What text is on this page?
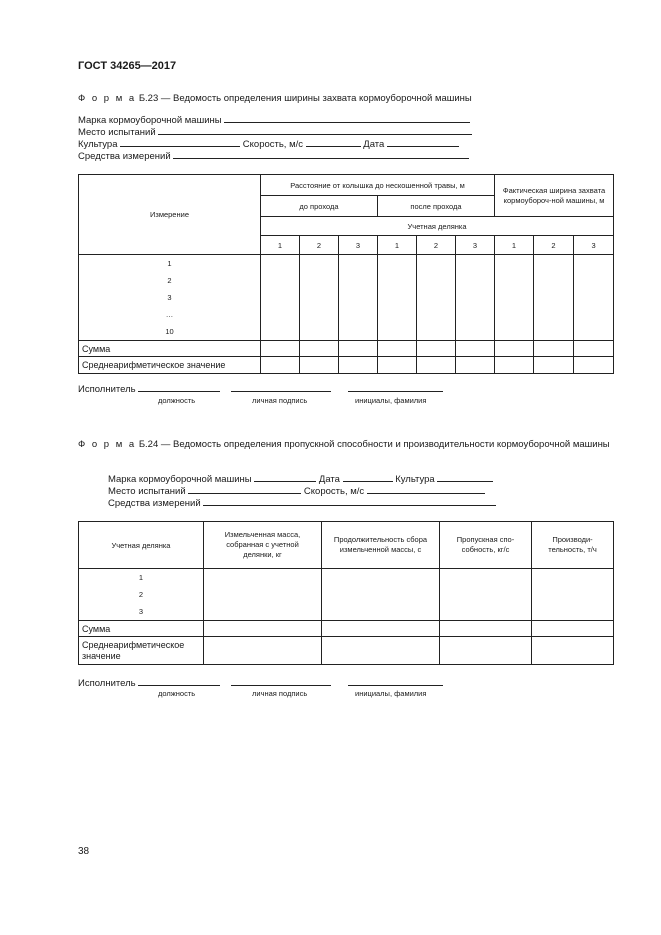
ГОСТ 34265—2017
Ф о р м а Б.23 — Ведомость определения ширины захвата кормоуборочной машины
Марка кормоуборочной машины
Место испытаний
Культура	Скорость, м/с	Дата
Средства измерений
Измерение	Расстояние от колышка до нескошенной травы, м						Фактическая ширина захвата кормоубороч-ной машины, м		
	до прохода			после прохода					
	Учетная делянка								
	1	2	3	1	2	3	1	2	3

1
2
3
…
10									

Сумма									
Среднеарифметическое значение									
Исполнитель
должность	личная подпись	инициалы, фамилия
Ф о р м а Б.24 — Ведомость определения пропускной способности и производительности кормоуборочной машины
Марка кормоуборочной машины	Дата	Культура
Место испытаний	Скорость, м/с
Средства измерений
Учетная делянка	Измельченная масса, собранная с учетной делянки, кг	Продолжительность сбора измельченной массы, с	Пропускная спо-собность, кг/с	Производи-тельность, т/ч

1
2
3				

Сумма				
Среднеарифметическое значение				
Исполнитель
должность	личная подпись	инициалы, фамилия
38
